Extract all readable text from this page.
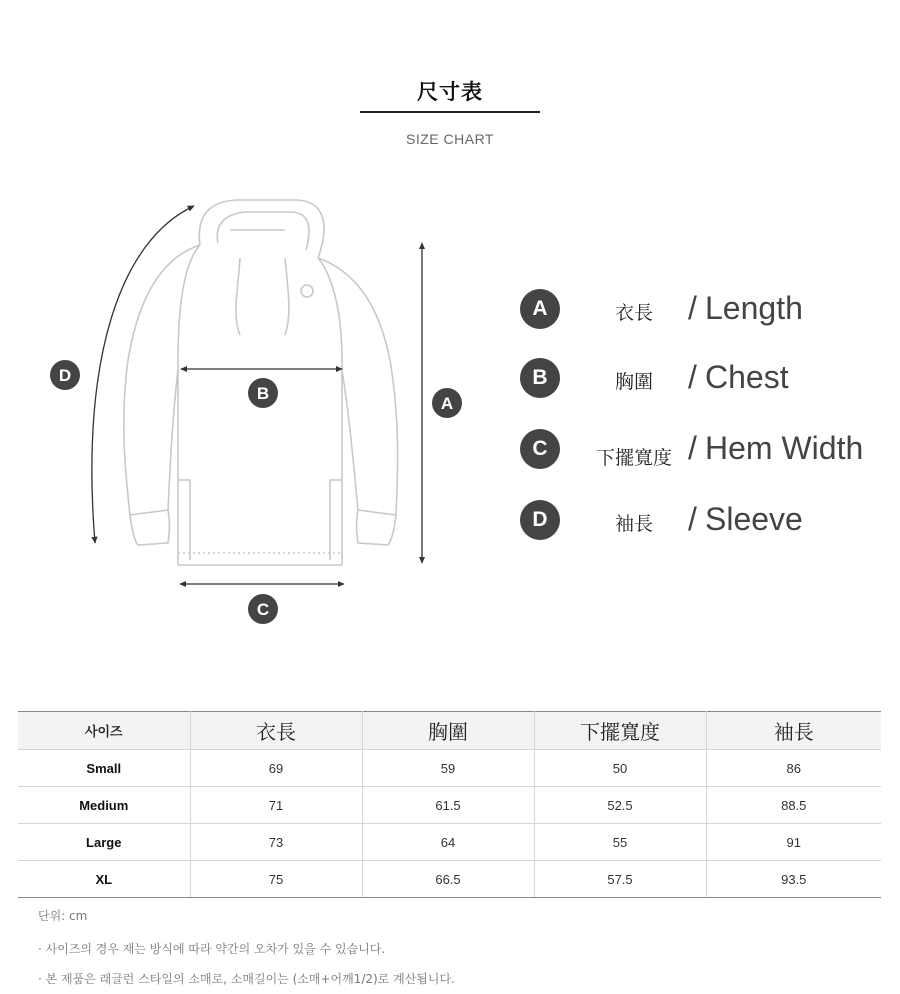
尺寸表
SIZE CHART
D
A
B
C
A	衣長	/ Length
B	胸圍	/ Chest
C	下擺寬度 / Hem Width
D	袖長	/ Sleeve
사이즈	衣長	胸圍	下擺寬度	袖長
Small	69	59	50	86
Medium	71	61.5	52.5	88.5
Large	73	64	55	91
XL	75	66.5	57.5	93.5
단위: cm
· 사이즈의 경우 재는 방식에 따라 약간의 오차가 있을 수 있습니다.
· 본 제품은 래글런 스타일의 소매로, 소매길이는 (소매+어깨1/2)로 계산됩니다.
